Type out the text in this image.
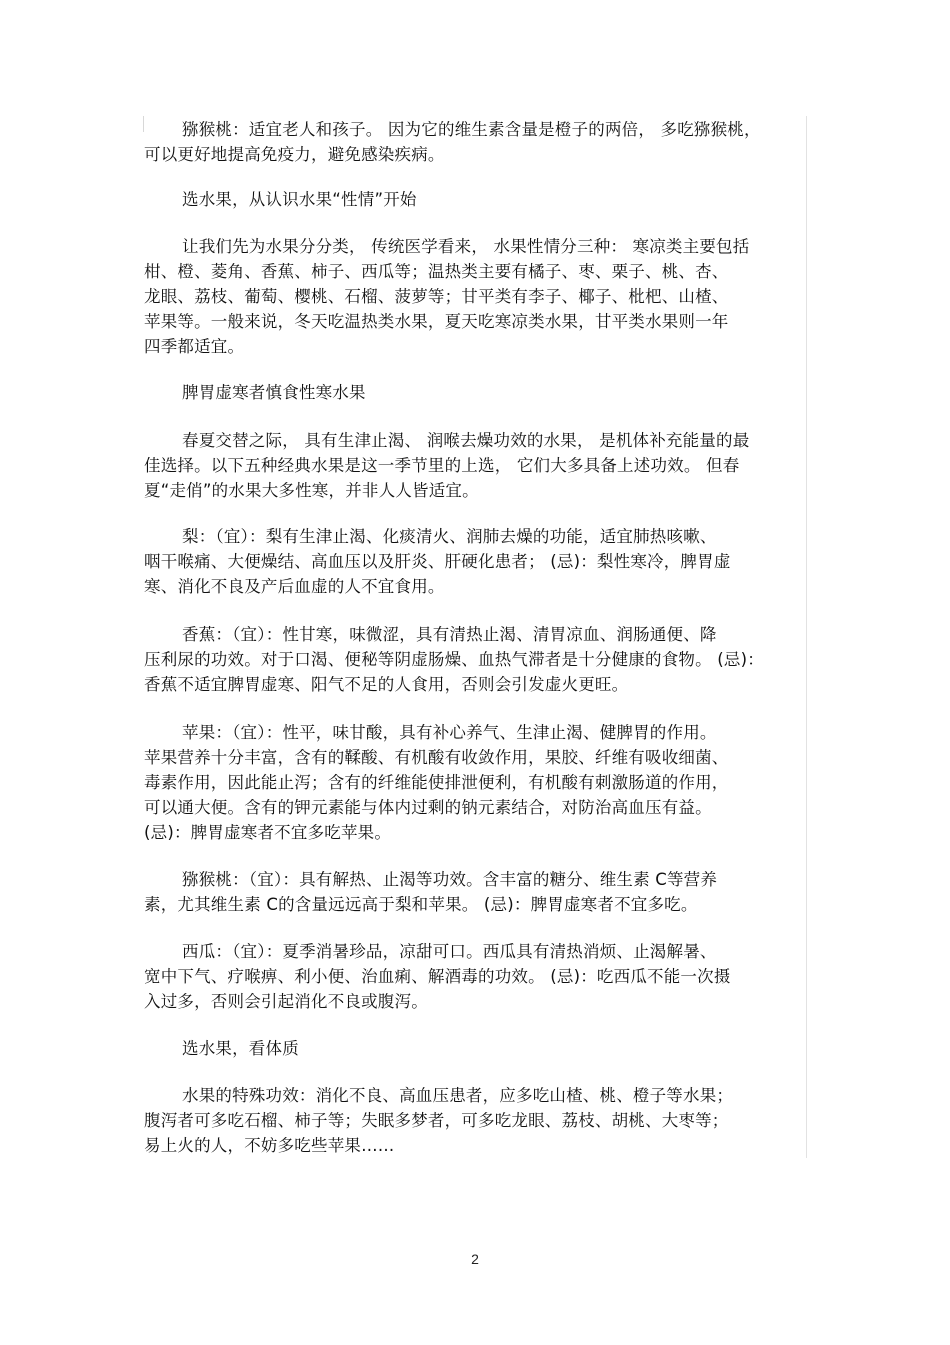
猕猴桃：适宜老人和孩子。 因为它的维生素含量是橙子的两倍， 多吃猕猴桃，
可以更好地提高免疫力，避免感染疾病。
选水果，从认识水果“性情”开始
让我们先为水果分分类， 传统医学看来， 水果性情分三种： 寒凉类主要包括
柑、橙、菱角、香蕉、柿子、西瓜等；温热类主要有橘子、枣、栗子、桃、杏、
龙眼、荔枝、葡萄、樱桃、石榴、菠萝等；甘平类有李子、椰子、枇杷、山楂、
苹果等。一般来说，冬天吃温热类水果，夏天吃寒凉类水果，甘平类水果则一年
四季都适宜。
脾胃虚寒者慎食性寒水果
春夏交替之际， 具有生津止渴、 润喉去燥功效的水果， 是机体补充能量的最
佳选择。以下五种经典水果是这一季节里的上选， 它们大多具备上述功效。 但春
夏“走俏”的水果大多性寒，并非人人皆适宜。
梨：（宜）：梨有生津止渴、化痰清火、润肺去燥的功能，适宜肺热咳嗽、
咽干喉痛、大便燥结、高血压以及肝炎、肝硬化患者； (忌)：梨性寒冷，脾胃虚
寒、消化不良及产后血虚的人不宜食用。
香蕉：（宜）：性甘寒，味微涩，具有清热止渴、清胃凉血、润肠通便、降
压利尿的功效。对于口渴、便秘等阴虚肠燥、血热气滞者是十分健康的食物。 (忌)：
香蕉不适宜脾胃虚寒、阳气不足的人食用，否则会引发虚火更旺。
苹果：（宜）：性平，味甘酸，具有补心养气、生津止渴、健脾胃的作用。
苹果营养十分丰富，含有的鞣酸、有机酸有收敛作用，果胶、纤维有吸收细菌、
毒素作用，因此能止泻；含有的纤维能使排泄便利，有机酸有刺激肠道的作用，
可以通大便。含有的钾元素能与体内过剩的钠元素结合，对防治高血压有益。
(忌)：脾胃虚寒者不宜多吃苹果。
猕猴桃：（宜）：具有解热、止渴等功效。含丰富的糖分、维生素 C等营养
素，尤其维生素 C的含量远远高于梨和苹果。 (忌)：脾胃虚寒者不宜多吃。
西瓜：（宜）：夏季消暑珍品，凉甜可口。西瓜具有清热消烦、止渴解暑、
宽中下气、疗喉痹、利小便、治血痢、解酒毒的功效。 (忌)：吃西瓜不能一次摄
入过多，否则会引起消化不良或腹泻。
选水果，看体质
水果的特殊功效：消化不良、高血压患者，应多吃山楂、桃、橙子等水果；
腹泻者可多吃石榴、柿子等；失眠多梦者，可多吃龙眼、荔枝、胡桃、大枣等；
易上火的人，不妨多吃些苹果……
2
